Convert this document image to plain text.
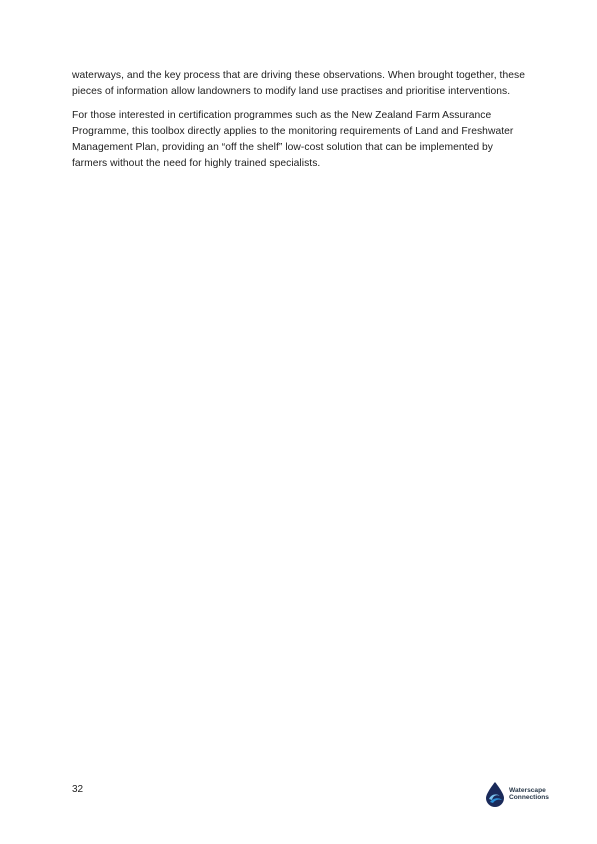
waterways, and the key process that are driving these observations. When brought together, these pieces of information allow landowners to modify land use practises and prioritise interventions.

For those interested in certification programmes such as the New Zealand Farm Assurance Programme, this toolbox directly applies to the monitoring requirements of Land and Freshwater Management Plan, providing an “off the shelf” low-cost solution that can be implemented by farmers without the need for highly trained specialists.

32	Waterscape
Connections
